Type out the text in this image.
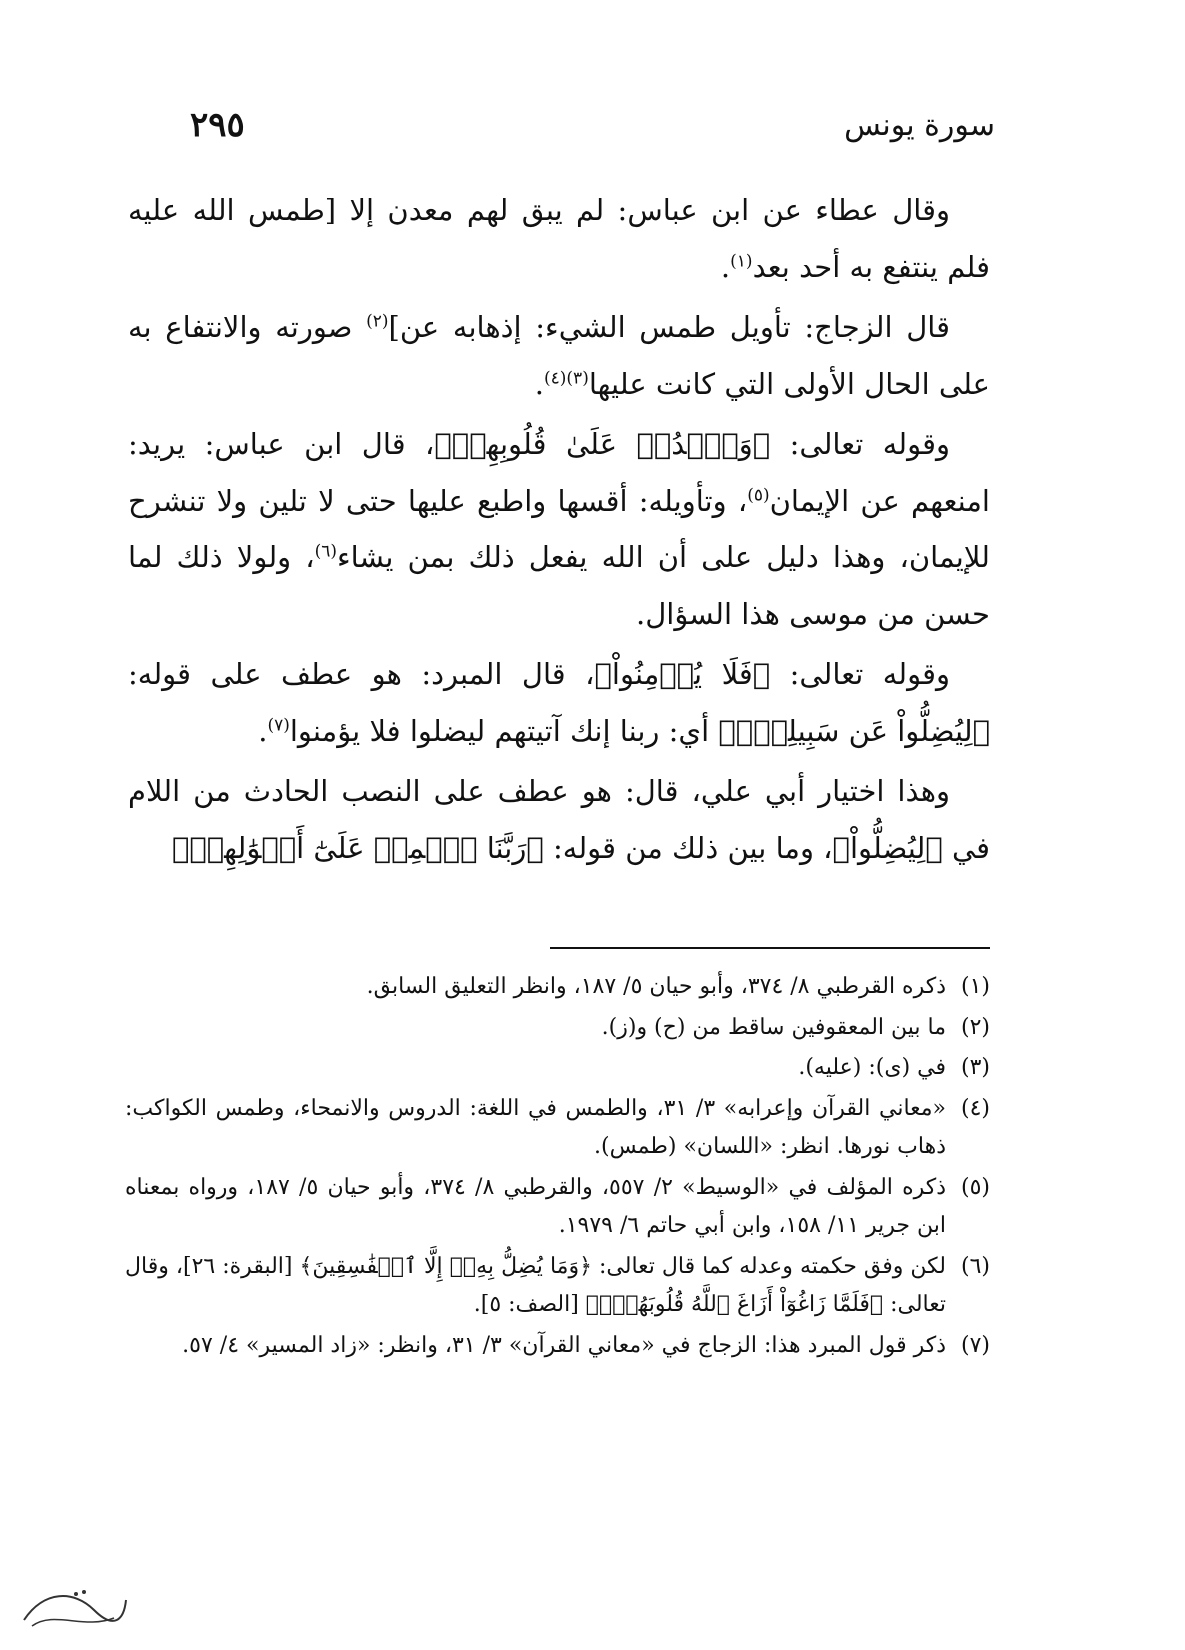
سورة يونس
٢٩٥

وقال عطاء عن ابن عباس: لم يبق لهم معدن إلا [طمس الله عليه فلم ينتفع به أحد بعد$^{(١)}$.

قال الزجاج: تأويل طمس الشيء: إذهابه عن]$^{(٢)}$ صورته والانتفاع به على الحال الأولى التي كانت عليها$^{(٣)(٤)}$.

وقوله تعالى: ﴿وَٱشۡدُدۡ عَلَىٰ قُلُوبِهِمۡ﴾، قال ابن عباس: يريد: امنعهم عن الإيمان$^{(٥)}$، وتأويله: أقسها واطبع عليها حتى لا تلين ولا تنشرح للإيمان، وهذا دليل على أن الله يفعل ذلك بمن يشاء$^{(٦)}$، ولولا ذلك لما حسن من موسى هذا السؤال.

وقوله تعالى: ﴿فَلَا يُؤۡمِنُواْ﴾، قال المبرد: هو عطف على قوله: ﴿لِيُضِلُّواْ عَن سَبِيلِكَۖ﴾ أي: ربنا إنك آتيتهم ليضلوا فلا يؤمنوا$^{(٧)}$.

وهذا اختيار أبي علي، قال: هو عطف على النصب الحادث من اللام في ﴿لِيُضِلُّواْ﴾، وما بين ذلك من قوله: ﴿رَبَّنَا ٱطۡمِسۡ عَلَىٰٓ أَمۡوَٰلِهِمۡ﴾

(١)
ذكره القرطبي ٨/ ٣٧٤، وأبو حيان ٥/ ١٨٧، وانظر التعليق السابق.
(٢)
ما بين المعقوفين ساقط من (ح) و(ز).
(٣)
في (ى): (عليه).
(٤)
«معاني القرآن وإعرابه» ٣/ ٣١، والطمس في اللغة: الدروس والانمحاء، وطمس الكواكب: ذهاب نورها. انظر: «اللسان» (طمس).
(٥)
ذكره المؤلف في «الوسيط» ٢/ ٥٥٧، والقرطبي ٨/ ٣٧٤، وأبو حيان ٥/ ١٨٧، ورواه بمعناه ابن جرير ١١/ ١٥٨، وابن أبي حاتم ٦/ ١٩٧٩.
(٦)
لكن وفق حكمته وعدله كما قال تعالى: ﴿وَمَا يُضِلُّ بِهِۦٓ إِلَّا ٱلۡفَٰسِقِينَ﴾ [البقرة: ٢٦]، وقال تعالى: ﴿فَلَمَّا زَاغُوٓاْ أَزَاغَ ٱللَّهُ قُلُوبَهُمۡۚ﴾ [الصف: ٥].
(٧)
ذكر قول المبرد هذا: الزجاج في «معاني القرآن» ٣/ ٣١، وانظر: «زاد المسير» ٤/ ٥٧.
